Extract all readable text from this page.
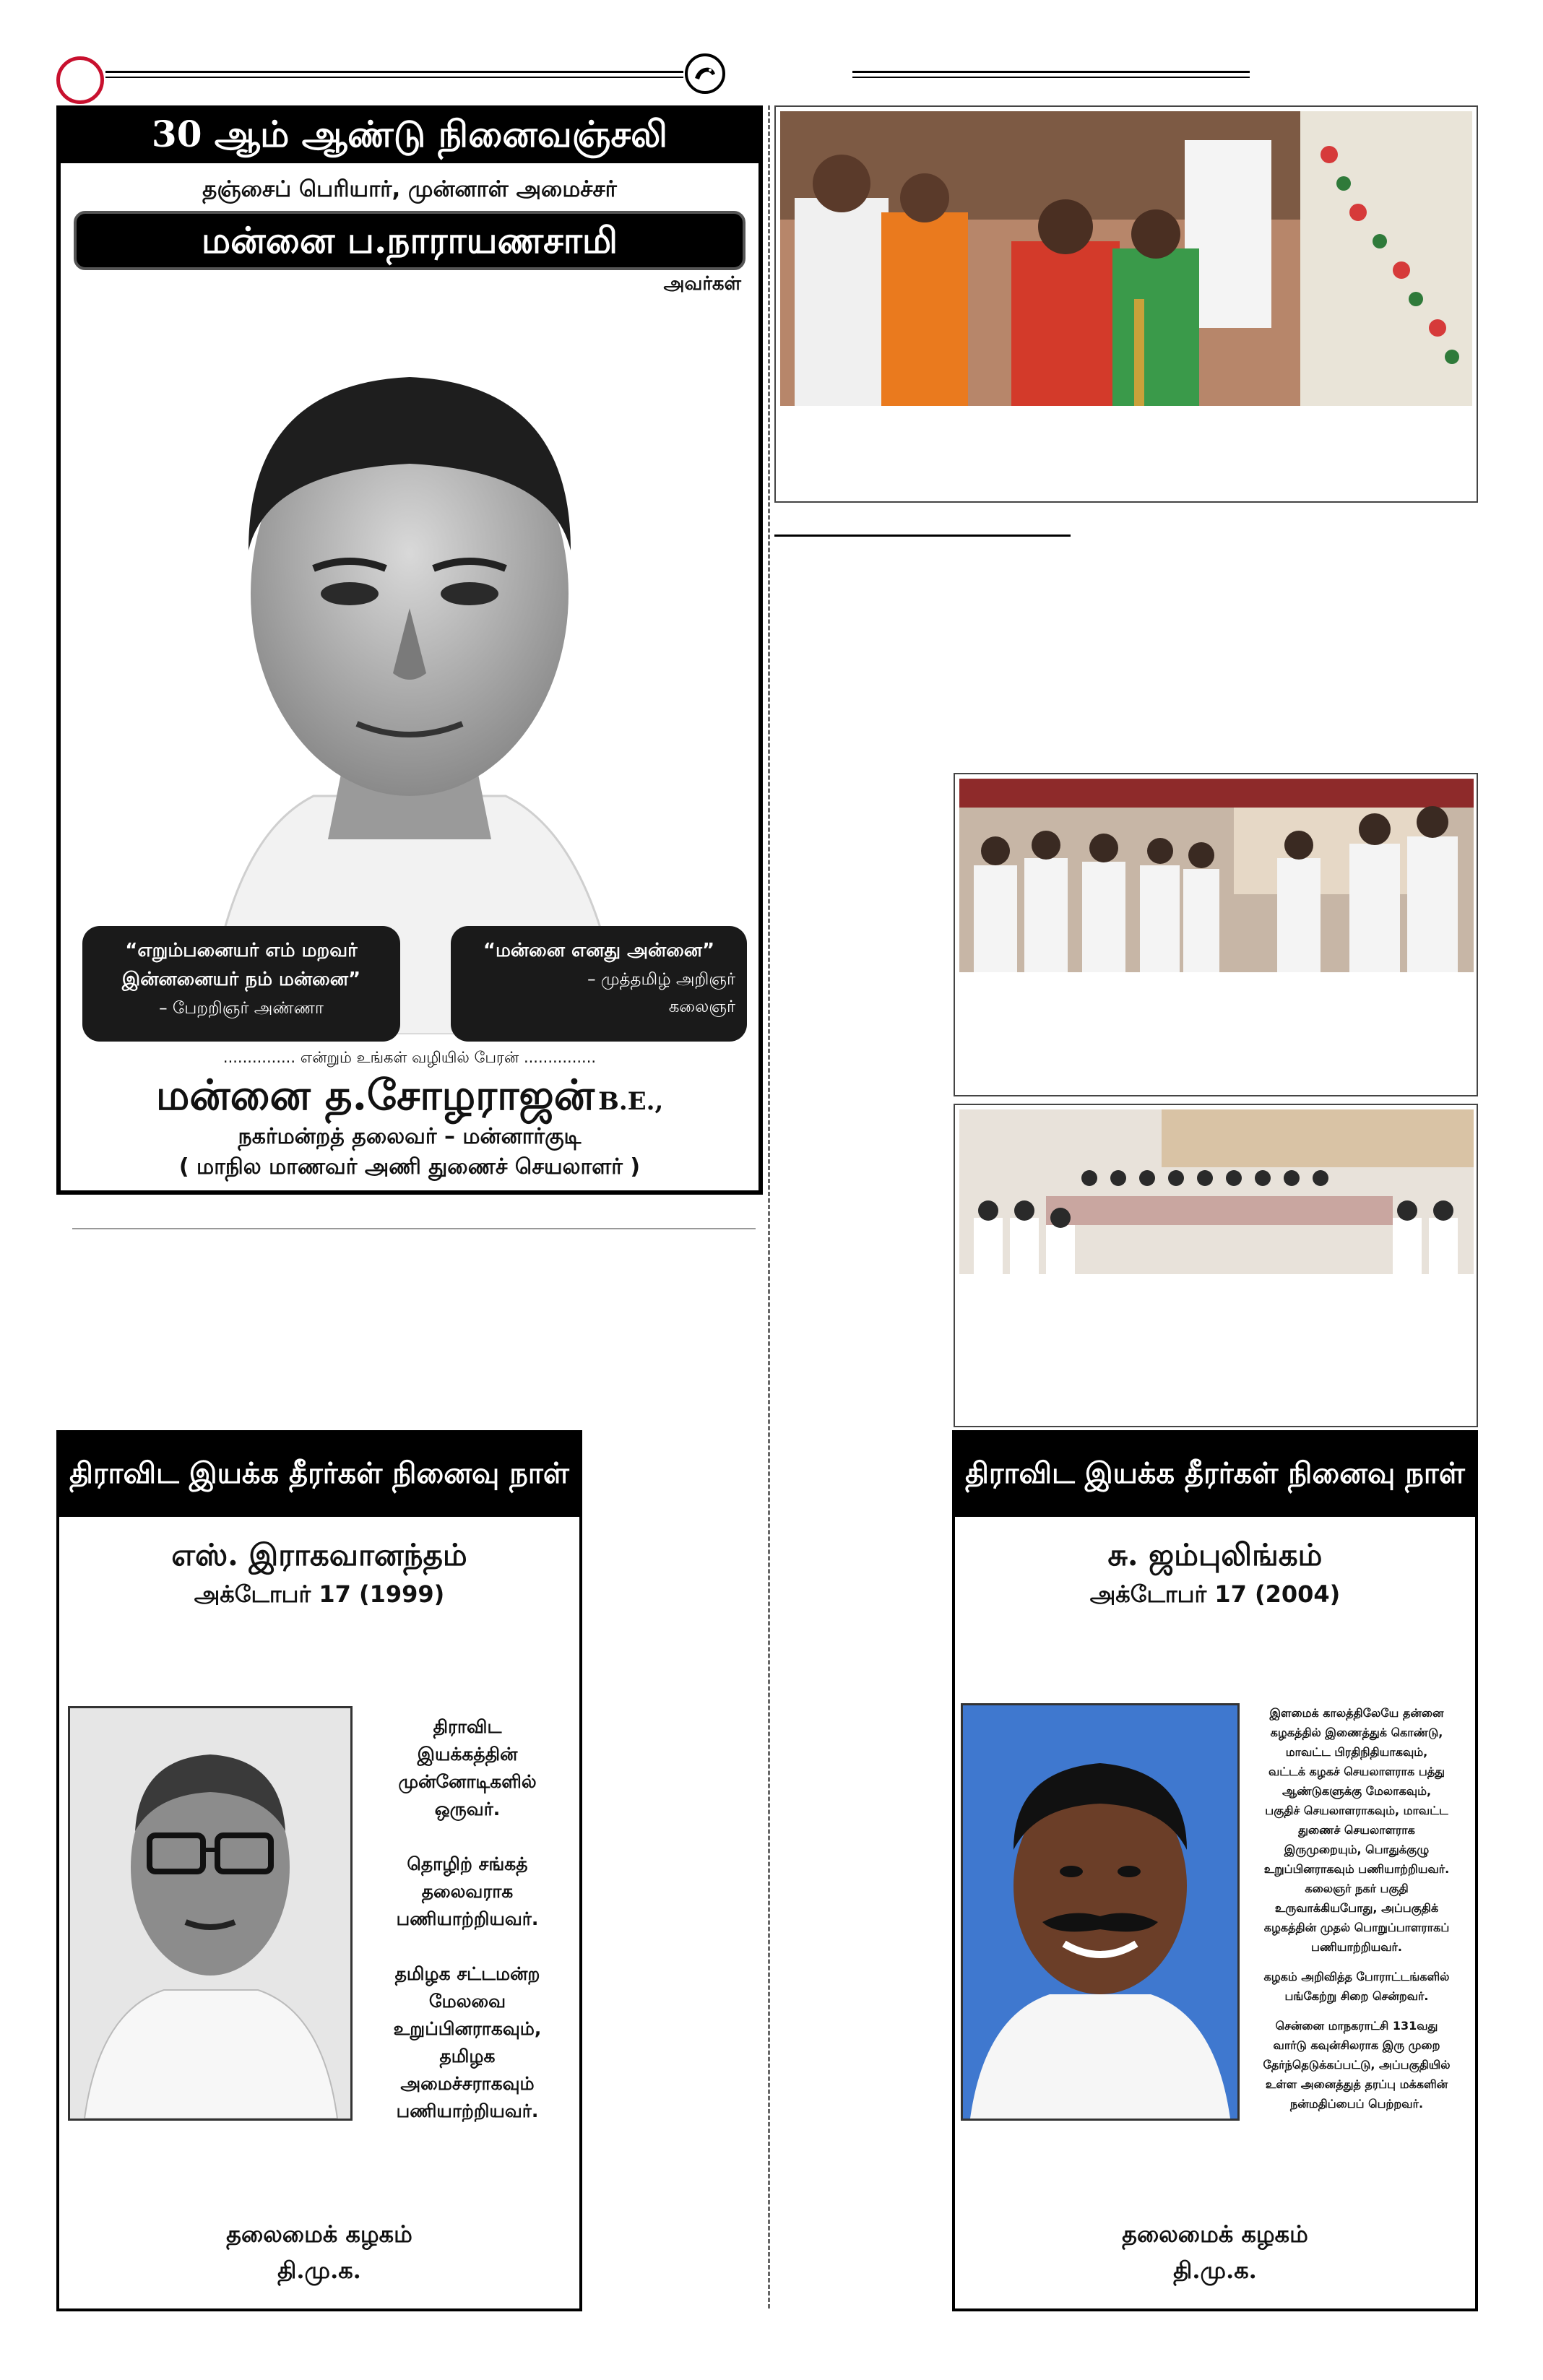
30 ஆம் ஆண்டு நினைவஞ்சலி
தஞ்சைப் பெரியார், முன்னாள் அமைச்சர்
மன்னை ப.நாராயணசாமி
அவர்கள்
“எறும்பனையர் எம் மறவர்
இன்னனையர் நம் மன்னை”
– பேறறிஞர் அண்ணா
“மன்னை எனது அன்னை”
– முத்தமிழ் அறிஞர்
கலைஞர்
............... என்றும் உங்கள் வழியில் பேரன் ...............
மன்னை த.சோழராஜன் B.E.,
நகர்மன்றத் தலைவர் – மன்னார்குடி
( மாநில மாணவர் அணி துணைச் செயலாளர் )
திராவிட இயக்க தீரர்கள் நினைவு நாள்
எஸ். இராகவானந்தம்
அக்டோபர் 17 (1999)
திராவிட
இயக்கத்தின்
முன்னோடிகளில்
ஒருவர்.
தொழிற் சங்கத்
தலைவராக
பணியாற்றியவர்.
தமிழக சட்டமன்ற
மேலவை
உறுப்பினராகவும்,
தமிழக
அமைச்சராகவும்
பணியாற்றியவர்.
தலைமைக் கழகம்
தி.மு.க.
திராவிட இயக்க தீரர்கள் நினைவு நாள்
சு. ஜம்புலிங்கம்
அக்டோபர் 17 (2004)
இளமைக் காலத்திலேயே தன்னை
கழகத்தில் இணைத்துக் கொண்டு,
மாவட்ட பிரதிநிதியாகவும்,
வட்டக் கழகச் செயலாளராக பத்து
ஆண்டுகளுக்கு மேலாகவும்,
பகுதிச் செயலாளராகவும், மாவட்ட
துணைச் செயலாளராக
இருமுறையும், பொதுக்குழு
உறுப்பினராகவும் பணியாற்றியவர்.
கலைஞர் நகர் பகுதி
உருவாக்கியபோது, அப்பகுதிக்
கழகத்தின் முதல் பொறுப்பாளராகப்
பணியாற்றியவர்.
கழகம் அறிவித்த போராட்டங்களில்
பங்கேற்று சிறை சென்றவர்.
சென்னை மாநகராட்சி 131வது
வார்டு கவுன்சிலராக இரு முறை
தேர்ந்தெடுக்கப்பட்டு, அப்பகுதியில்
உள்ள அனைத்துத் தரப்பு மக்களின்
நன்மதிப்பைப் பெற்றவர்.
தலைமைக் கழகம்
தி.மு.க.
